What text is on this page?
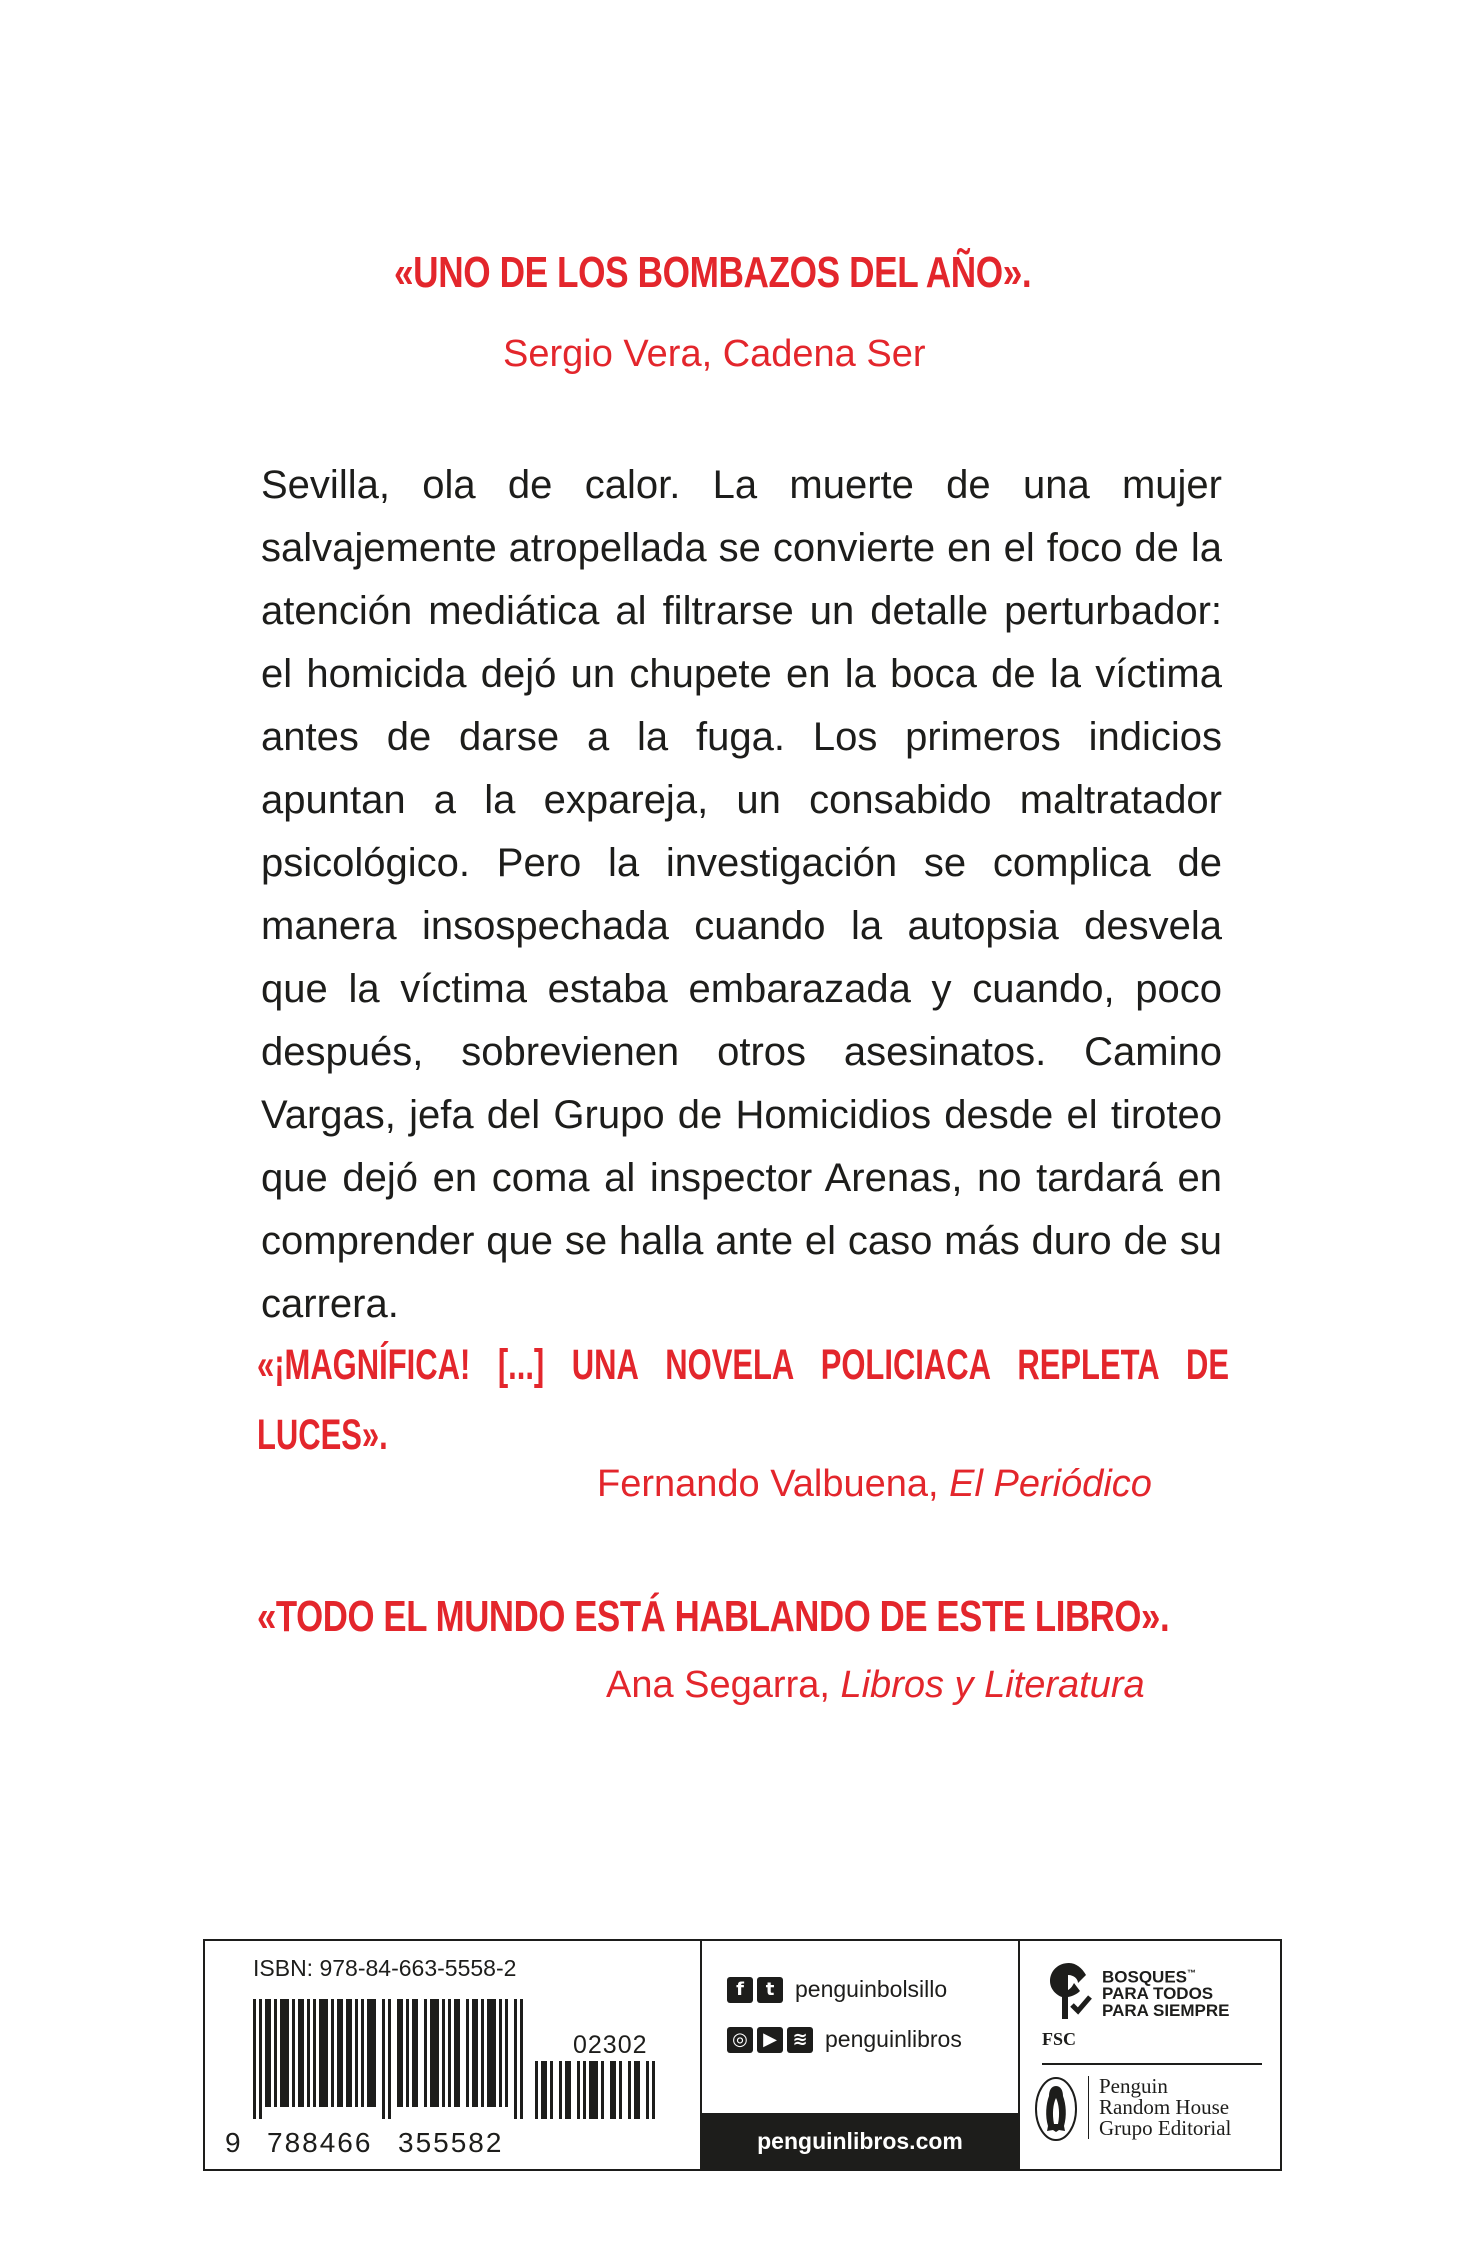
«UNO DE LOS BOMBAZOS DEL AÑO».
Sergio Vera, Cadena Ser
Sevilla, ola de calor. La muerte de una mujer salvajemente atropellada se convierte en el foco de la atención mediática al filtrarse un detalle perturbador: el homicida dejó un chupete en la boca de la víctima antes de darse a la fuga. Los primeros indicios apuntan a la expareja, un consabido maltratador psicológico. Pero la investigación se complica de manera insospechada cuando la autopsia desvela que la víctima estaba embarazada y cuando, poco después, sobrevienen otros asesinatos. Camino Vargas, jefa del Grupo de Homicidios desde el tiroteo que dejó en coma al inspector Arenas, no tardará en comprender que se halla ante el caso más duro de su carrera.
«¡MAGNÍFICA! [...] UNA NOVELA POLICIACA REPLETA DE LUCES».
Fernando Valbuena, El Periódico
«TODO EL MUNDO ESTÁ HABLANDO DE ESTE LIBRO».
Ana Segarra, Libros y Literatura
ISBN: 978-84-663-5558-2
02302
9 788466 355582
f	t penguinbolsillo
◎ ▶ ≋ penguinlibros
penguinlibros.com
BOSQUES™
PARA TODOS
PARA SIEMPRE
FSC
Penguin
Random House
Grupo Editorial
